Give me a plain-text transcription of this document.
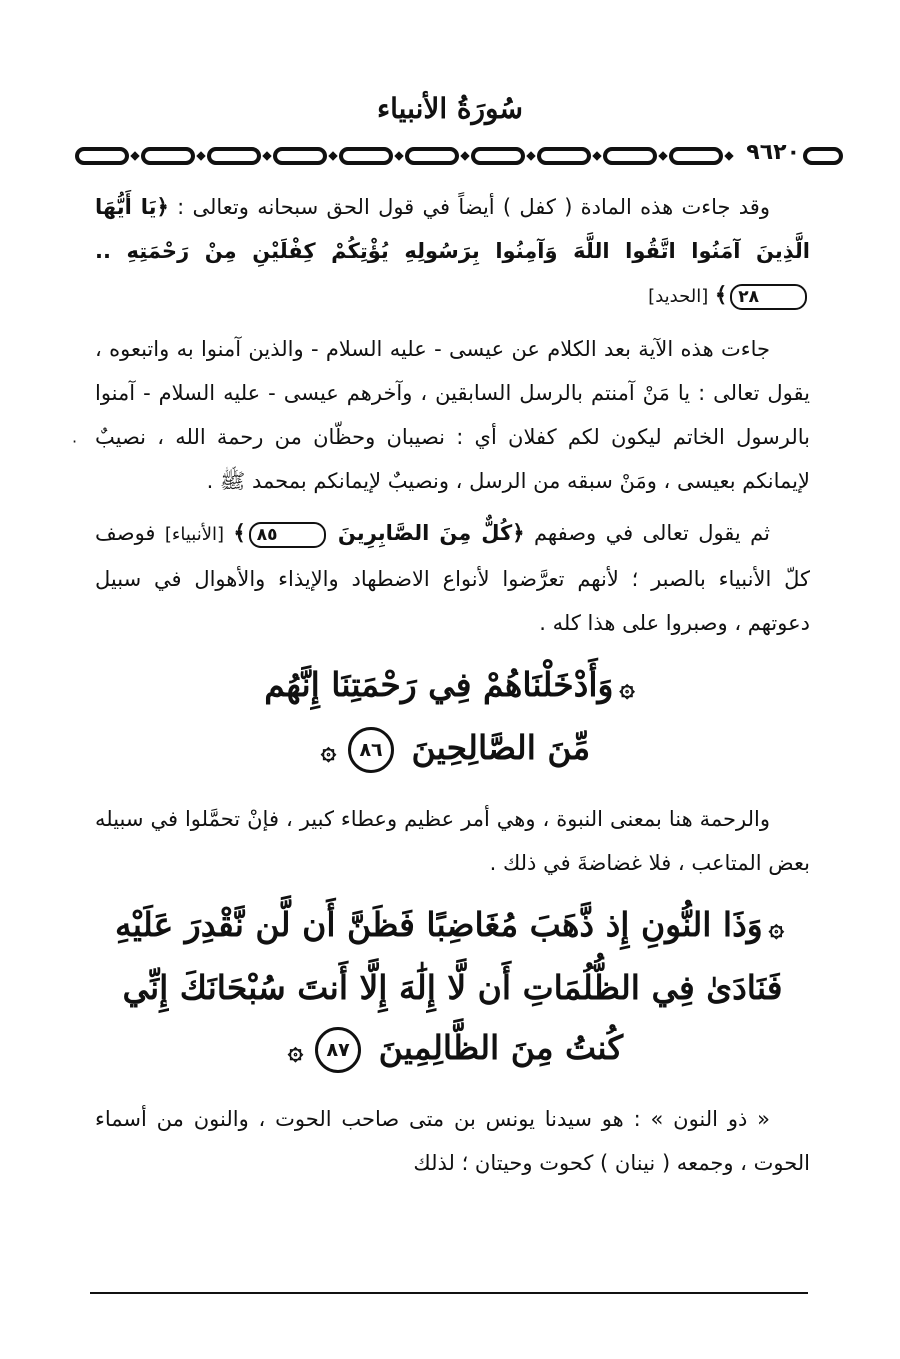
سُورَةُ الأنبياء
٩٦٢٠
·

وقد جاءت هذه المادة ( كفل ) أيضاً في قول الحق سبحانه وتعالى : ﴿يَا أَيُّهَا الَّذِينَ آمَنُوا اتَّقُوا اللَّهَ وَآمِنُوا بِرَسُولِهِ يُؤْتِكُمْ كِفْلَيْنِ مِنْ رَحْمَتِهِ .. ٢٨﴾ [الحديد]

جاءت هذه الآية بعد الكلام عن عيسى - عليه السلام - والذين آمنوا به واتبعوه ، يقول تعالى : يا مَنْ آمنتم بالرسل السابقين ، وآخرهم عيسى - عليه السلام - آمنوا بالرسول الخاتم ليكون لكم كفلان أي : نصيبان وحظّان من رحمة الله ، نصيبٌ لإيمانكم بعيسى ، ومَنْ سبقه من الرسل ، ونصيبٌ لإيمانكم بمحمد ﷺ .

ثم يقول تعالى في وصفهم ﴿كُلٌّ مِنَ الصَّابِرِينَ ٨٥﴾ [الأنبياء] فوصف كلّ الأنبياء بالصبر ؛ لأنهم تعرَّضوا لأنواع الاضطهاد والإيذاء والأهوال في سبيل دعوتهم ، وصبروا على هذا كله .

۞وَأَدْخَلْنَاهُمْ فِي رَحْمَتِنَا إِنَّهُم
مِّنَ الصَّالِحِينَ ٨٦۞

والرحمة هنا بمعنى النبوة ، وهي أمر عظيم وعطاء كبير ، فإنْ تحمَّلوا في سبيله بعض المتاعب ، فلا غضاضةَ في ذلك .

۞وَذَا النُّونِ إِذ ذَّهَبَ مُغَاضِبًا فَظَنَّ أَن لَّن نَّقْدِرَ عَلَيْهِ
فَنَادَىٰ فِي الظُّلُمَاتِ أَن لَّا إِلَٰهَ إِلَّا أَنتَ سُبْحَانَكَ إِنِّي
كُنتُ مِنَ الظَّالِمِينَ ٨٧۞

« ذو النون » : هو سيدنا يونس بن متى صاحب الحوت ، والنون من أسماء الحوت ، وجمعه ( نينان ) كحوت وحيتان ؛ لذلك
